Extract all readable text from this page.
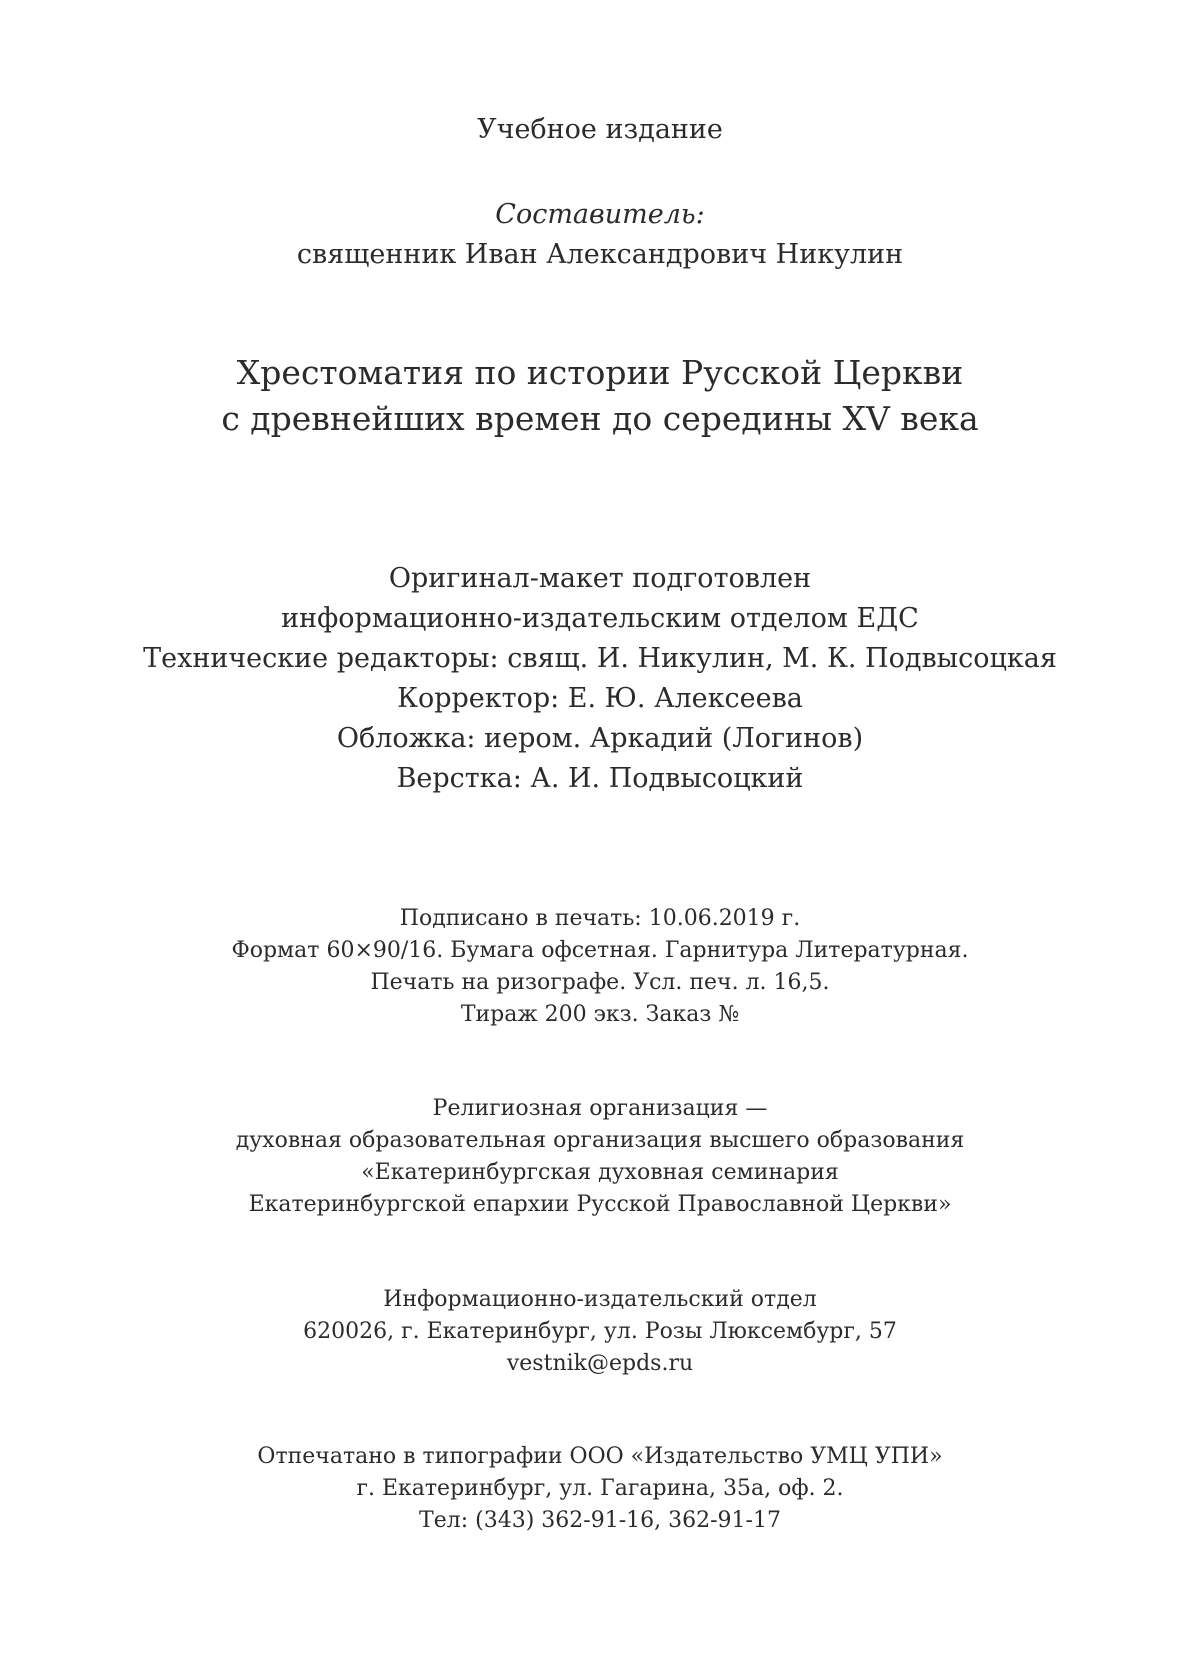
Учебное издание
Составитель:
священник Иван Александрович Никулин
Хрестоматия по истории Русской Церкви
с древнейших времен до середины XV века
Оригинал-макет подготовлен
информационно-издательским отделом ЕДС
Технические редакторы: свящ. И. Никулин, М. К. Подвысоцкая
Корректор: Е. Ю. Алексеева
Обложка: иером. Аркадий (Логинов)
Верстка: А. И. Подвысоцкий
Подписано в печать: 10.06.2019 г.
Формат 60×90/16. Бумага офсетная. Гарнитура Литературная.
Печать на ризографе. Усл. печ. л. 16,5.
Тираж 200 экз. Заказ №
Религиозная организация —
духовная образовательная организация высшего образования
«Екатеринбургская духовная семинария
Екатеринбургской епархии Русской Православной Церкви»
Информационно-издательский отдел
620026, г. Екатеринбург, ул. Розы Люксембург, 57
vestnik@epds.ru
Отпечатано в типографии ООО «Издательство УМЦ УПИ»
г. Екатеринбург, ул. Гагарина, 35а, оф. 2.
Тел: (343) 362-91-16, 362-91-17
